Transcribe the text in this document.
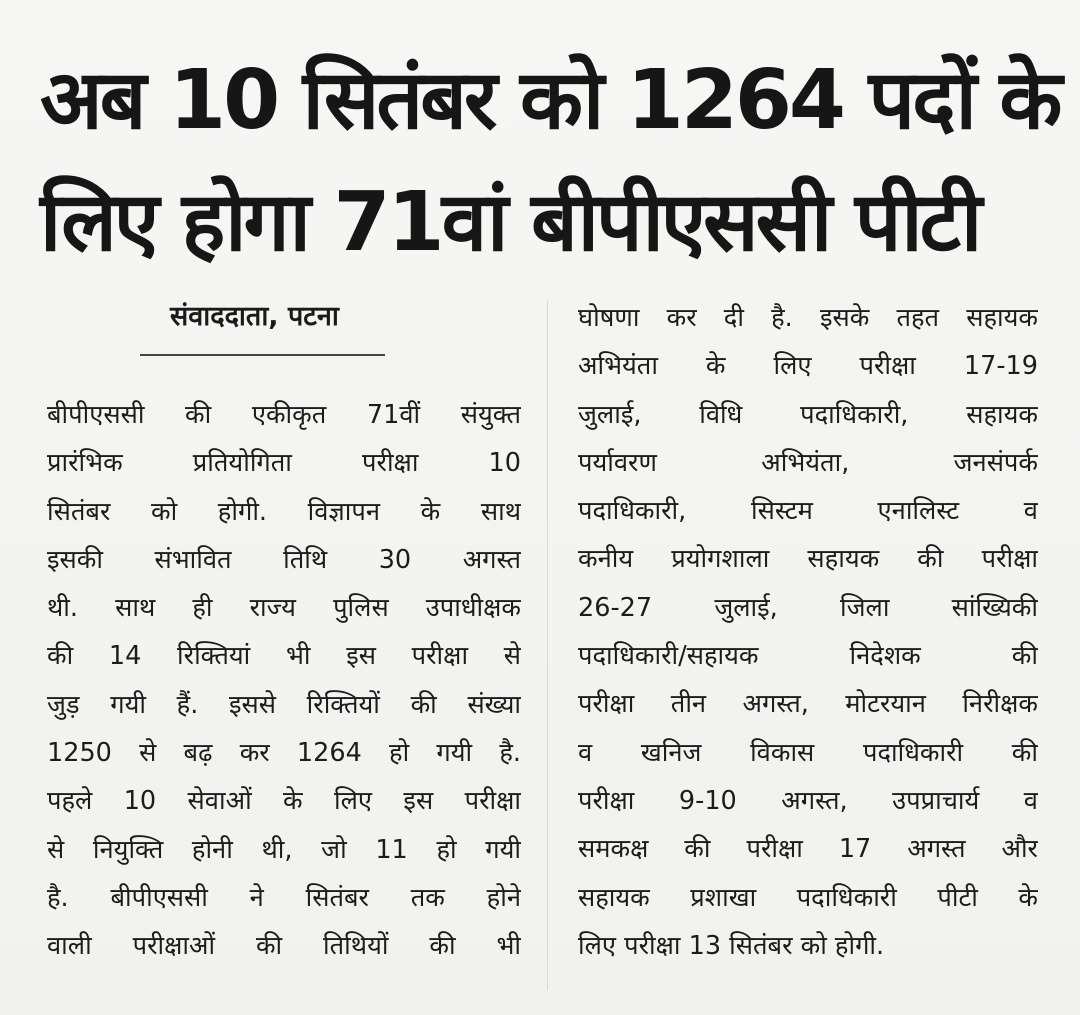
अब 10 सितंबर को 1264 पदों के
लिए होगा 71वां बीपीएससी पीटी
संवाददाता, पटना
बीपीएससी की एकीकृत 71वीं संयुक्त
प्रारंभिक प्रतियोगिता परीक्षा 10
सितंबर को होगी. विज्ञापन के साथ
इसकी संभावित तिथि 30 अगस्त
थी. साथ ही राज्य पुलिस उपाधीक्षक
की 14 रिक्तियां भी इस परीक्षा से
जुड़ गयी हैं. इससे रिक्तियों की संख्या
1250 से बढ़ कर 1264 हो गयी है.
पहले 10 सेवाओं के लिए इस परीक्षा
से नियुक्ति होनी थी, जो 11 हो गयी
है. बीपीएससी ने सितंबर तक होने
वाली परीक्षाओं की तिथियों की भी
घोषणा कर दी है. इसके तहत सहायक
अभियंता के लिए परीक्षा 17-19
जुलाई, विधि पदाधिकारी, सहायक
पर्यावरण अभियंता, जनसंपर्क
पदाधिकारी, सिस्टम एनालिस्ट व
कनीय प्रयोगशाला सहायक की परीक्षा
26-27 जुलाई, जिला सांख्यिकी
पदाधिकारी/सहायक निदेशक की
परीक्षा तीन अगस्त, मोटरयान निरीक्षक
व खनिज विकास पदाधिकारी की
परीक्षा 9-10 अगस्त, उपप्राचार्य व
समकक्ष की परीक्षा 17 अगस्त और
सहायक प्रशाखा पदाधिकारी पीटी के
लिए परीक्षा 13 सितंबर को होगी.
